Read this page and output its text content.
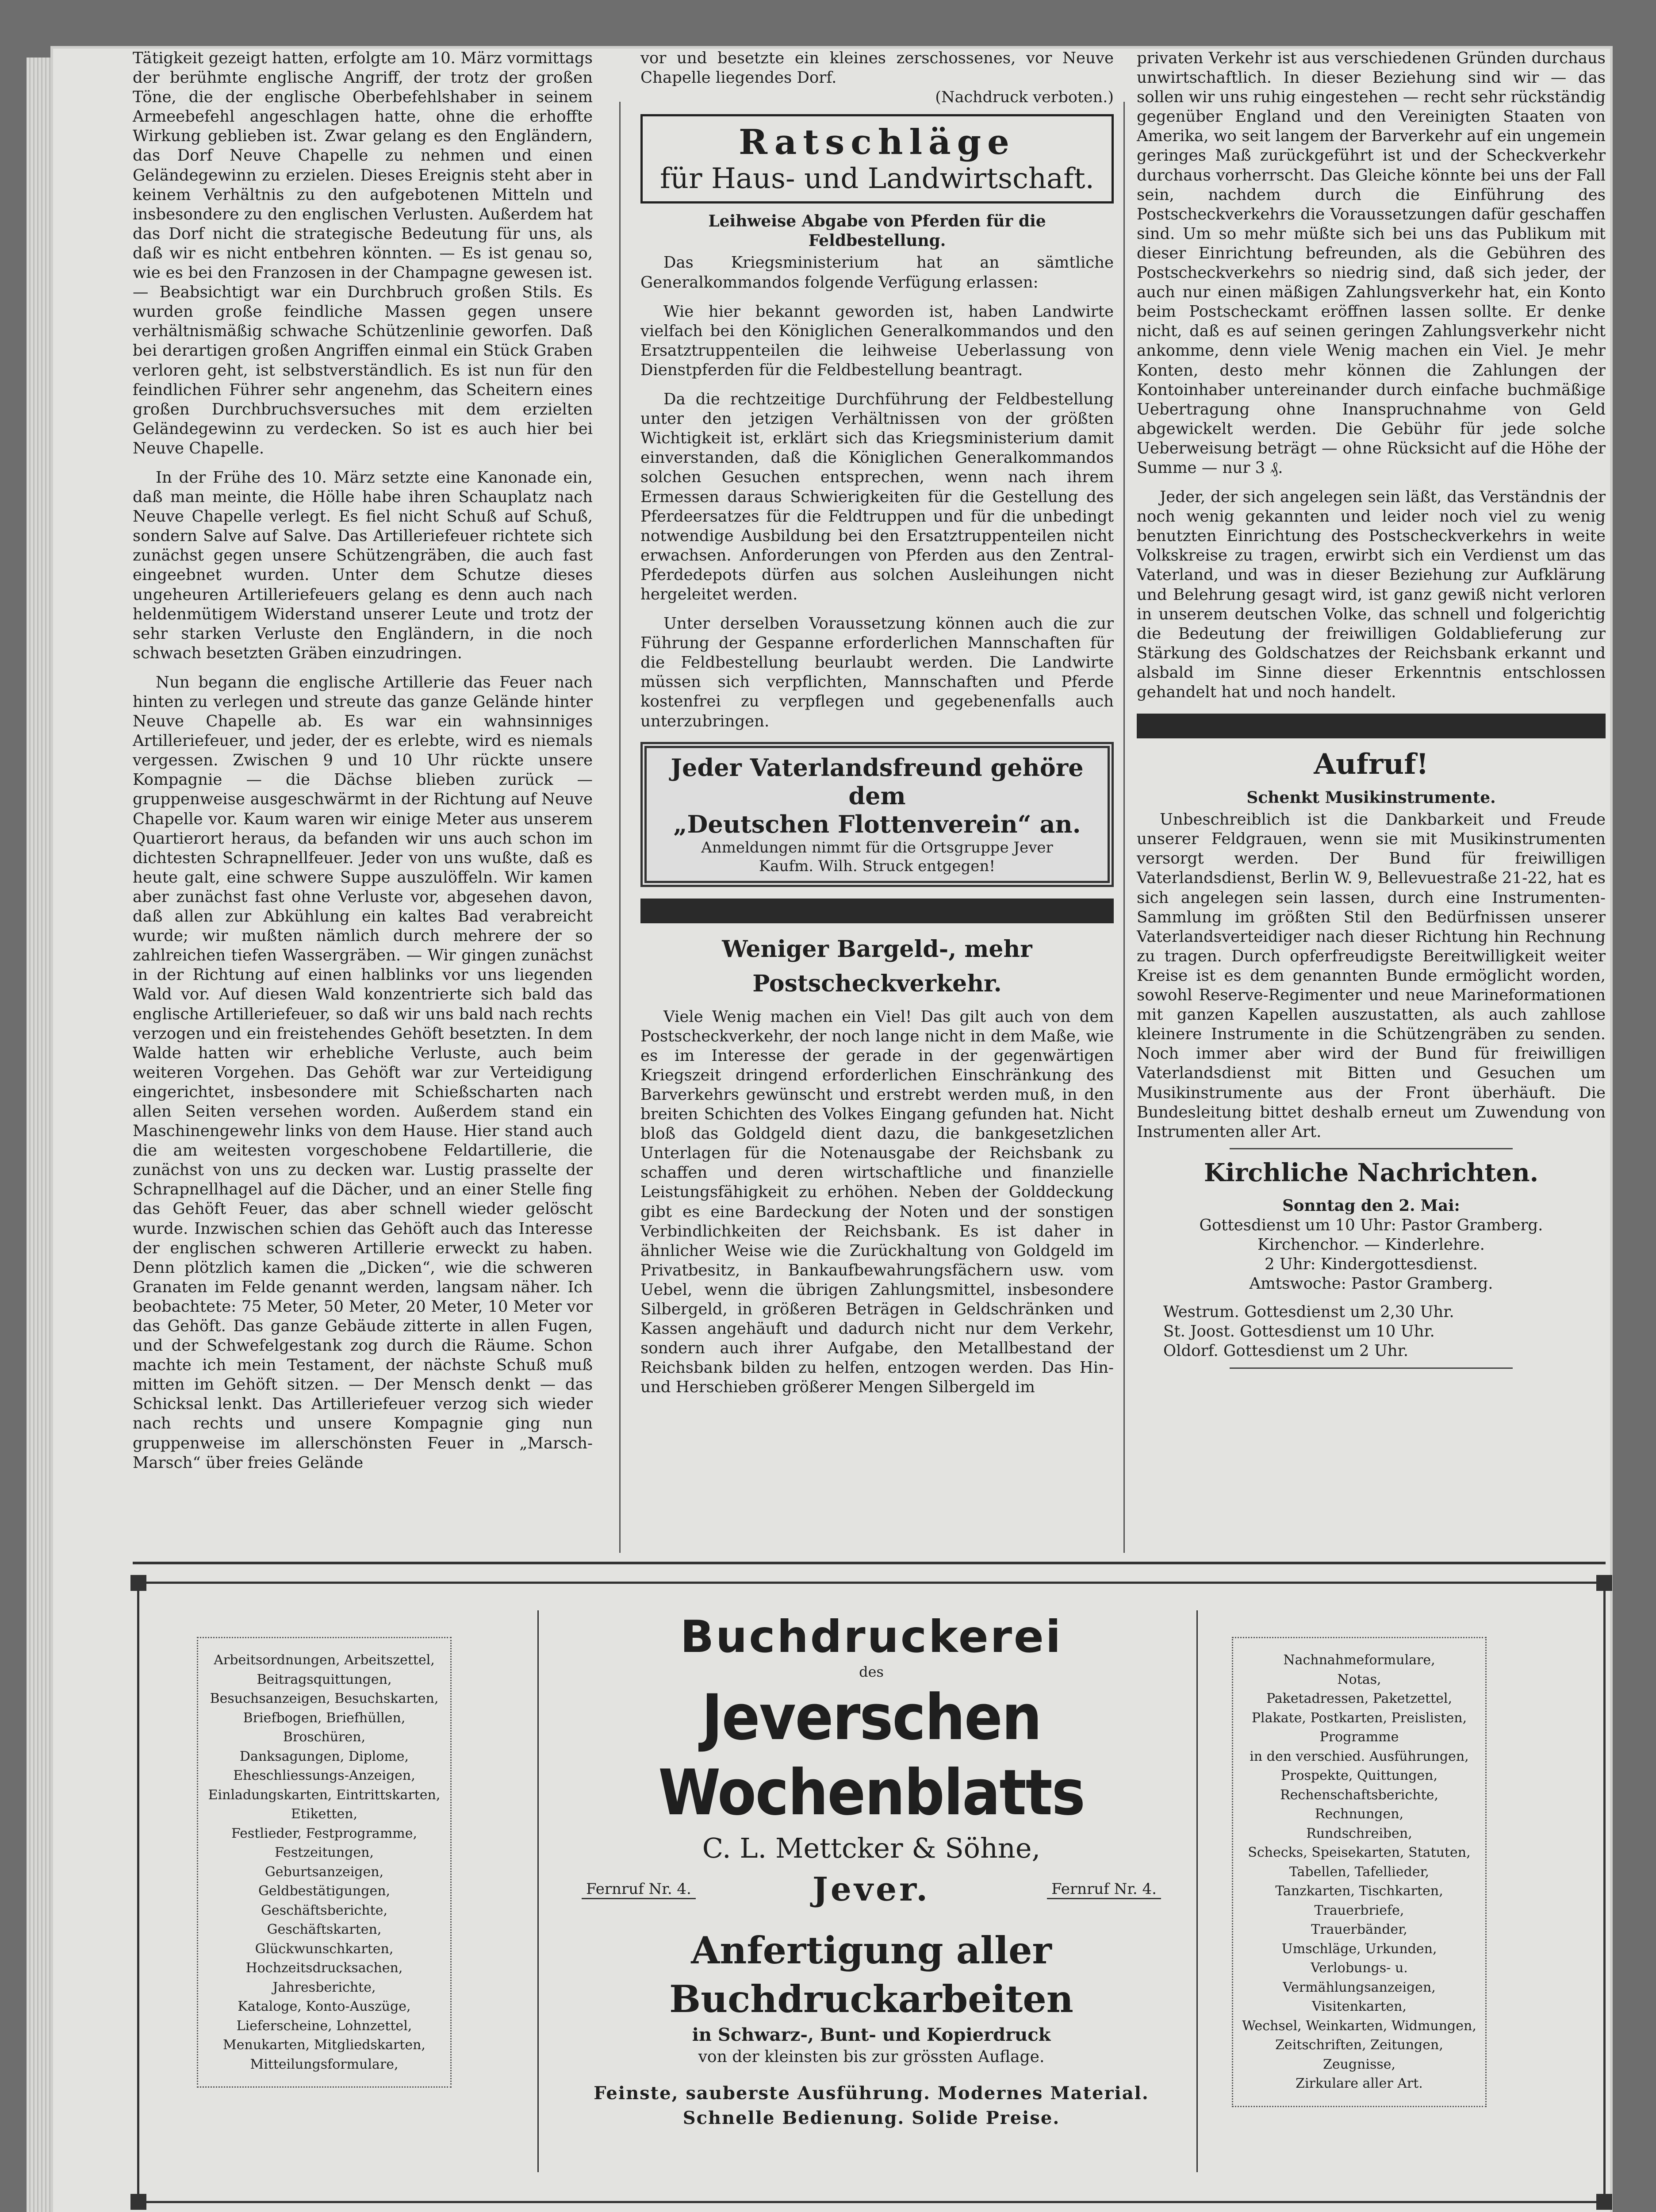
Tätigkeit gezeigt hatten, erfolgte am 10. März vormittags der berühmte englische Angriff, der trotz der großen Töne, die der englische Oberbefehlshaber in seinem Armeebefehl angeschlagen hatte, ohne die erhoffte Wirkung geblieben ist. Zwar gelang es den Engländern, das Dorf Neuve Chapelle zu nehmen und einen Geländegewinn zu erzielen. Dieses Ereignis steht aber in keinem Verhältnis zu den aufgebotenen Mitteln und insbesondere zu den englischen Verlusten. Außerdem hat das Dorf nicht die strategische Bedeutung für uns, als daß wir es nicht entbehren könnten. — Es ist genau so, wie es bei den Franzosen in der Champagne gewesen ist. — Beabsichtigt war ein Durchbruch großen Stils. Es wurden große feindliche Massen gegen unsere verhältnismäßig schwache Schützenlinie geworfen. Daß bei derartigen großen Angriffen einmal ein Stück Graben verloren geht, ist selbstverständlich. Es ist nun für den feindlichen Führer sehr angenehm, das Scheitern eines großen Durchbruchsversuches mit dem erzielten Geländegewinn zu verdecken. So ist es auch hier bei Neuve Chapelle.

In der Frühe des 10. März setzte eine Kanonade ein, daß man meinte, die Hölle habe ihren Schauplatz nach Neuve Chapelle verlegt. Es fiel nicht Schuß auf Schuß, sondern Salve auf Salve. Das Artilleriefeuer richtete sich zunächst gegen unsere Schützengräben, die auch fast eingeebnet wurden. Unter dem Schutze dieses ungeheuren Artilleriefeuers gelang es denn auch nach heldenmütigem Widerstand unserer Leute und trotz der sehr starken Verluste den Engländern, in die noch schwach besetzten Gräben einzudringen.

Nun begann die englische Artillerie das Feuer nach hinten zu verlegen und streute das ganze Gelände hinter Neuve Chapelle ab. Es war ein wahnsinniges Artilleriefeuer, und jeder, der es erlebte, wird es niemals vergessen. Zwischen 9 und 10 Uhr rückte unsere Kompagnie — die Dächse blieben zurück — gruppenweise ausgeschwärmt in der Richtung auf Neuve Chapelle vor. Kaum waren wir einige Meter aus unserem Quartierort heraus, da befanden wir uns auch schon im dichtesten Schrapnellfeuer. Jeder von uns wußte, daß es heute galt, eine schwere Suppe auszulöffeln. Wir kamen aber zunächst fast ohne Verluste vor, abgesehen davon, daß allen zur Abkühlung ein kaltes Bad verabreicht wurde; wir mußten nämlich durch mehrere der so zahlreichen tiefen Wassergräben. — Wir gingen zunächst in der Richtung auf einen halblinks vor uns liegenden Wald vor. Auf diesen Wald konzentrierte sich bald das englische Artilleriefeuer, so daß wir uns bald nach rechts verzogen und ein freistehendes Gehöft besetzten. In dem Walde hatten wir erhebliche Verluste, auch beim weiteren Vorgehen. Das Gehöft war zur Verteidigung eingerichtet, insbesondere mit Schießscharten nach allen Seiten versehen worden. Außerdem stand ein Maschinengewehr links von dem Hause. Hier stand auch die am weitesten vorgeschobene Feldartillerie, die zunächst von uns zu decken war. Lustig prasselte der Schrapnellhagel auf die Dächer, und an einer Stelle fing das Gehöft Feuer, das aber schnell wieder gelöscht wurde. Inzwischen schien das Gehöft auch das Interesse der englischen schweren Artillerie erweckt zu haben. Denn plötzlich kamen die „Dicken“, wie die schweren Granaten im Felde genannt werden, langsam näher. Ich beobachtete: 75 Meter, 50 Meter, 20 Meter, 10 Meter vor das Gehöft. Das ganze Gebäude zitterte in allen Fugen, und der Schwefelgestank zog durch die Räume. Schon machte ich mein Testament, der nächste Schuß muß mitten im Gehöft sitzen. — Der Mensch denkt — das Schicksal lenkt. Das Artilleriefeuer verzog sich wieder nach rechts und unsere Kompagnie ging nun gruppenweise im allerschönsten Feuer in „Marsch-Marsch“ über freies Gelände

vor und besetzte ein kleines zerschossenes, vor Neuve Chapelle liegendes Dorf.

(Nachdruck verboten.)
Ratschläge
für Haus- und Landwirtschaft.
Leihweise Abgabe von Pferden für die Feldbestellung.

Das Kriegsministerium hat an sämtliche Generalkommandos folgende Verfügung erlassen:

Wie hier bekannt geworden ist, haben Landwirte vielfach bei den Königlichen Generalkommandos und den Ersatztruppenteilen die leihweise Ueberlassung von Dienstpferden für die Feldbestellung beantragt.

Da die rechtzeitige Durchführung der Feldbestellung unter den jetzigen Verhältnissen von der größten Wichtigkeit ist, erklärt sich das Kriegsministerium damit einverstanden, daß die Königlichen Generalkommandos solchen Gesuchen entsprechen, wenn nach ihrem Ermessen daraus Schwierigkeiten für die Gestellung des Pferdeersatzes für die Feldtruppen und für die unbedingt notwendige Ausbildung bei den Ersatztruppenteilen nicht erwachsen. Anforderungen von Pferden aus den Zentral-Pferdedepots dürfen aus solchen Ausleihungen nicht hergeleitet werden.

Unter derselben Voraussetzung können auch die zur Führung der Gespanne erforderlichen Mannschaften für die Feldbestellung beurlaubt werden. Die Landwirte müssen sich verpflichten, Mannschaften und Pferde kostenfrei zu verpflegen und gegebenenfalls auch unterzubringen.

Jeder Vaterlandsfreund gehöre dem
„Deutschen Flottenverein“ an.
Anmeldungen nimmt für die Ortsgruppe Jever
Kaufm. Wilh. Struck entgegen!
Weniger Bargeld-, mehr Postscheckverkehr.

Viele Wenig machen ein Viel! Das gilt auch von dem Postscheckverkehr, der noch lange nicht in dem Maße, wie es im Interesse der gerade in der gegenwärtigen Kriegszeit dringend erforderlichen Einschränkung des Barverkehrs gewünscht und erstrebt werden muß, in den breiten Schichten des Volkes Eingang gefunden hat. Nicht bloß das Goldgeld dient dazu, die bankgesetzlichen Unterlagen für die Notenausgabe der Reichsbank zu schaffen und deren wirtschaftliche und finanzielle Leistungsfähigkeit zu erhöhen. Neben der Golddeckung gibt es eine Bardeckung der Noten und der sonstigen Verbindlichkeiten der Reichsbank. Es ist daher in ähnlicher Weise wie die Zurückhaltung von Goldgeld im Privatbesitz, in Bankaufbewahrungsfächern usw. vom Uebel, wenn die übrigen Zahlungsmittel, insbesondere Silbergeld, in größeren Beträgen in Geldschränken und Kassen angehäuft und dadurch nicht nur dem Verkehr, sondern auch ihrer Aufgabe, den Metallbestand der Reichsbank bilden zu helfen, entzogen werden. Das Hin- und Herschieben größerer Mengen Silbergeld im

privaten Verkehr ist aus verschiedenen Gründen durchaus unwirtschaftlich. In dieser Beziehung sind wir — das sollen wir uns ruhig eingestehen — recht sehr rückständig gegenüber England und den Vereinigten Staaten von Amerika, wo seit langem der Barverkehr auf ein ungemein geringes Maß zurückgeführt ist und der Scheckverkehr durchaus vorherrscht. Das Gleiche könnte bei uns der Fall sein, nachdem durch die Einführung des Postscheckverkehrs die Voraussetzungen dafür geschaffen sind. Um so mehr müßte sich bei uns das Publikum mit dieser Einrichtung befreunden, als die Gebühren des Postscheckverkehrs so niedrig sind, daß sich jeder, der auch nur einen mäßigen Zahlungsverkehr hat, ein Konto beim Postscheckamt eröffnen lassen sollte. Er denke nicht, daß es auf seinen geringen Zahlungsverkehr nicht ankomme, denn viele Wenig machen ein Viel. Je mehr Konten, desto mehr können die Zahlungen der Kontoinhaber untereinander durch einfache buchmäßige Uebertragung ohne Inanspruchnahme von Geld abgewickelt werden. Die Gebühr für jede solche Ueberweisung beträgt — ohne Rücksicht auf die Höhe der Summe — nur 3 ₰.

Jeder, der sich angelegen sein läßt, das Verständnis der noch wenig gekannten und leider noch viel zu wenig benutzten Einrichtung des Postscheckverkehrs in weite Volkskreise zu tragen, erwirbt sich ein Verdienst um das Vaterland, und was in dieser Beziehung zur Aufklärung und Belehrung gesagt wird, ist ganz gewiß nicht verloren in unserem deutschen Volke, das schnell und folgerichtig die Bedeutung der freiwilligen Goldablieferung zur Stärkung des Goldschatzes der Reichsbank erkannt und alsbald im Sinne dieser Erkenntnis entschlossen gehandelt hat und noch handelt.

Aufruf!
Schenkt Musikinstrumente.

Unbeschreiblich ist die Dankbarkeit und Freude unserer Feldgrauen, wenn sie mit Musikinstrumenten versorgt werden. Der Bund für freiwilligen Vaterlandsdienst, Berlin W. 9, Bellevuestraße 21-22, hat es sich angelegen sein lassen, durch eine Instrumenten-Sammlung im größten Stil den Bedürfnissen unserer Vaterlandsverteidiger nach dieser Richtung hin Rechnung zu tragen. Durch opferfreudigste Bereitwilligkeit weiter Kreise ist es dem genannten Bunde ermöglicht worden, sowohl Reserve-Regimenter und neue Marineformationen mit ganzen Kapellen auszustatten, als auch zahllose kleinere Instrumente in die Schützengräben zu senden. Noch immer aber wird der Bund für freiwilligen Vaterlandsdienst mit Bitten und Gesuchen um Musikinstrumente aus der Front überhäuft. Die Bundesleitung bittet deshalb erneut um Zuwendung von Instrumenten aller Art.

Kirchliche Nachrichten.
Sonntag den 2. Mai:
Gottesdienst um 10 Uhr: Pastor Gramberg.
Kirchenchor. — Kinderlehre.
2 Uhr: Kindergottesdienst.
Amtswoche: Pastor Gramberg.
Westrum. Gottesdienst um 2,30 Uhr.
St. Joost. Gottesdienst um 10 Uhr.
Oldorf. Gottesdienst um 2 Uhr.
Arbeitsordnungen, Arbeitszettel,
Beitragsquittungen,
Besuchsanzeigen, Besuchskarten,
Briefbogen, Briefhüllen,
Broschüren,
Danksagungen, Diplome,
Eheschliessungs-Anzeigen,
Einladungskarten, Eintrittskarten,
Etiketten,
Festlieder, Festprogramme,
Festzeitungen,
Geburtsanzeigen,
Geldbestätigungen,
Geschäftsberichte, Geschäftskarten,
Glückwunschkarten,
Hochzeitsdrucksachen,
Jahresberichte,
Kataloge, Konto-Auszüge,
Lieferscheine, Lohnzettel,
Menukarten, Mitgliedskarten,
Mitteilungsformulare,
Buchdruckerei
des
Jeverschen Wochenblatts
C. L. Mettcker & Söhne,
Fernruf Nr. 4.	Jever.	Fernruf Nr. 4.
Anfertigung aller Buchdruckarbeiten
in Schwarz-, Bunt- und Kopierdruck
von der kleinsten bis zur grössten Auflage.
Feinste, sauberste Ausführung. Modernes Material.
Schnelle Bedienung. Solide Preise.
Nachnahmeformulare,
Notas,
Paketadressen, Paketzettel,
Plakate, Postkarten, Preislisten,
Programme
in den verschied. Ausführungen,
Prospekte, Quittungen,
Rechenschaftsberichte, Rechnungen,
Rundschreiben,
Schecks, Speisekarten, Statuten,
Tabellen, Tafellieder,
Tanzkarten, Tischkarten,
Trauerbriefe,
Trauerbänder,
Umschläge, Urkunden,
Verlobungs- u. Vermählungsanzeigen,
Visitenkarten,
Wechsel, Weinkarten, Widmungen,
Zeitschriften, Zeitungen,
Zeugnisse,
Zirkulare aller Art.
